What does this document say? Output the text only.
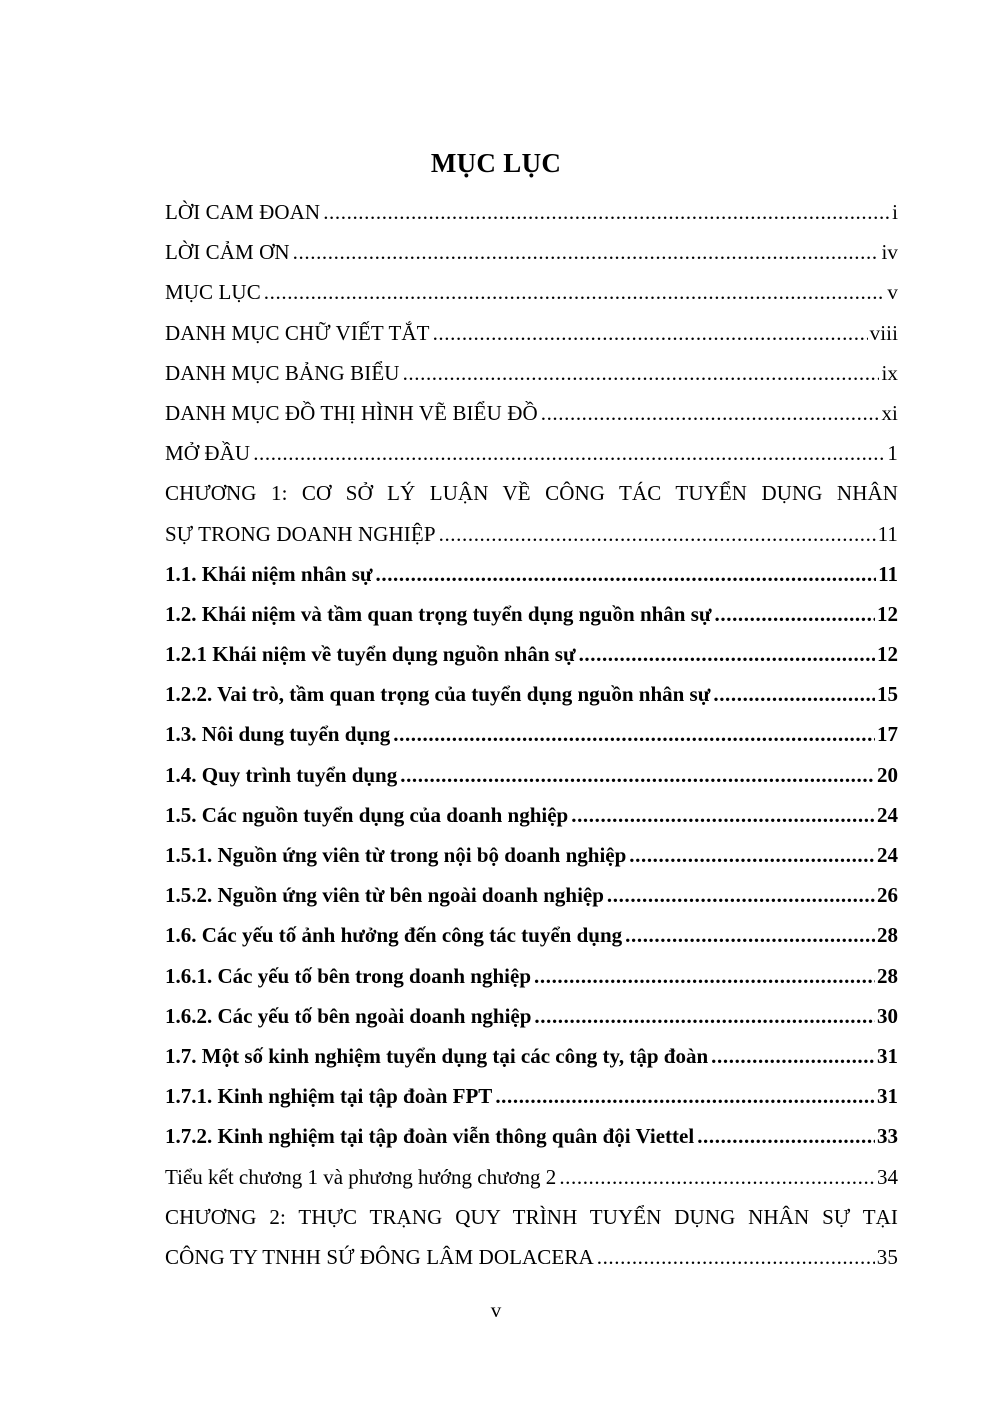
MỤC LỤC
LỜI CAM ĐOAN .....	i
LỜI CẢM ƠN .....	iv
MỤC LỤC .....	v
DANH MỤC CHỮ VIẾT TẮT .....	viii
DANH MỤC BẢNG BIỂU .....	ix
DANH MỤC ĐỒ THỊ HÌNH VẼ BIỂU ĐỒ .....	xi
MỞ ĐẦU .....	1
CHƯƠNG 1: CƠ SỞ LÝ LUẬN VỀ CÔNG TÁC TUYỂN DỤNG NHÂN
SỰ TRONG DOANH NGHIỆP .....	11
1.1. Khái niệm nhân sự .....	11
1.2. Khái niệm và tầm quan trọng tuyển dụng nguồn nhân sự .....	12
1.2.1 Khái niệm về tuyển dụng nguồn nhân sự .....	12
1.2.2. Vai trò, tầm quan trọng của tuyển dụng nguồn nhân sự .....	15
1.3. Nôi dung tuyển dụng .....	17
1.4. Quy trình tuyển dụng .....	20
1.5. Các nguồn tuyển dụng của doanh nghiệp .....	24
1.5.1. Nguồn ứng viên từ trong nội bộ doanh nghiệp .....	24
1.5.2. Nguồn ứng viên từ bên ngoài doanh nghiệp .....	26
1.6. Các yếu tố ảnh hưởng đến công tác tuyển dụng .....	28
1.6.1. Các yếu tố bên trong doanh nghiệp .....	28
1.6.2. Các yếu tố bên ngoài doanh nghiệp .....	30
1.7. Một số kinh nghiệm tuyển dụng tại các công ty, tập đoàn .....	31
1.7.1. Kinh nghiệm tại tập đoàn FPT .....	31
1.7.2. Kinh nghiệm tại tập đoàn viễn thông quân đội Viettel .....	33
Tiểu kết chương 1 và phương hướng chương 2 .....	34
CHƯƠNG 2: THỰC TRẠNG QUY TRÌNH TUYỂN DỤNG NHÂN SỰ TẠI
CÔNG TY TNHH SỨ ĐÔNG LÂM DOLACERA .....	35
v
